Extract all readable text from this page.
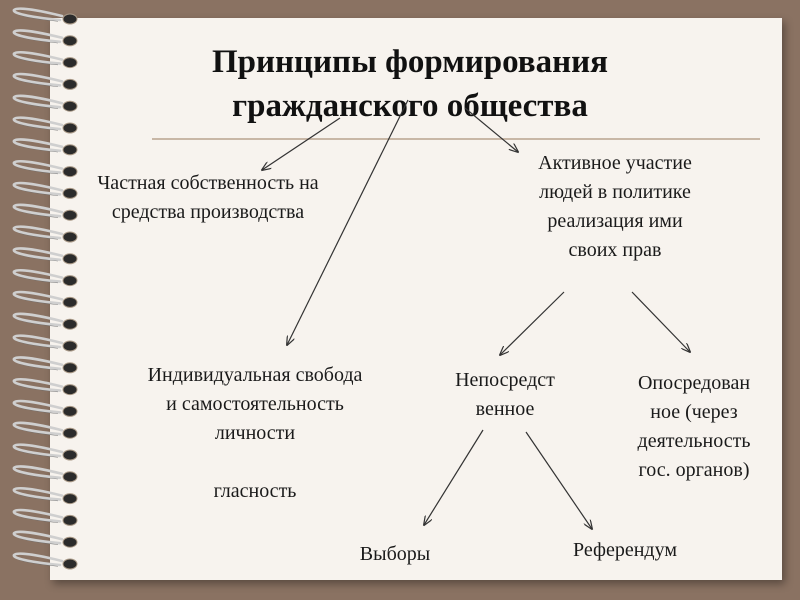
Принципы формирования
гражданского общества
Частная собственность на
средства производства
Активное участие
людей в политике
реализация ими
своих прав
Индивидуальная свобода
и самостоятельность
личности
гласность
Непосредст
венное
Опосредован
ное (через
деятельность
гос. органов)
Выборы	Референдум
